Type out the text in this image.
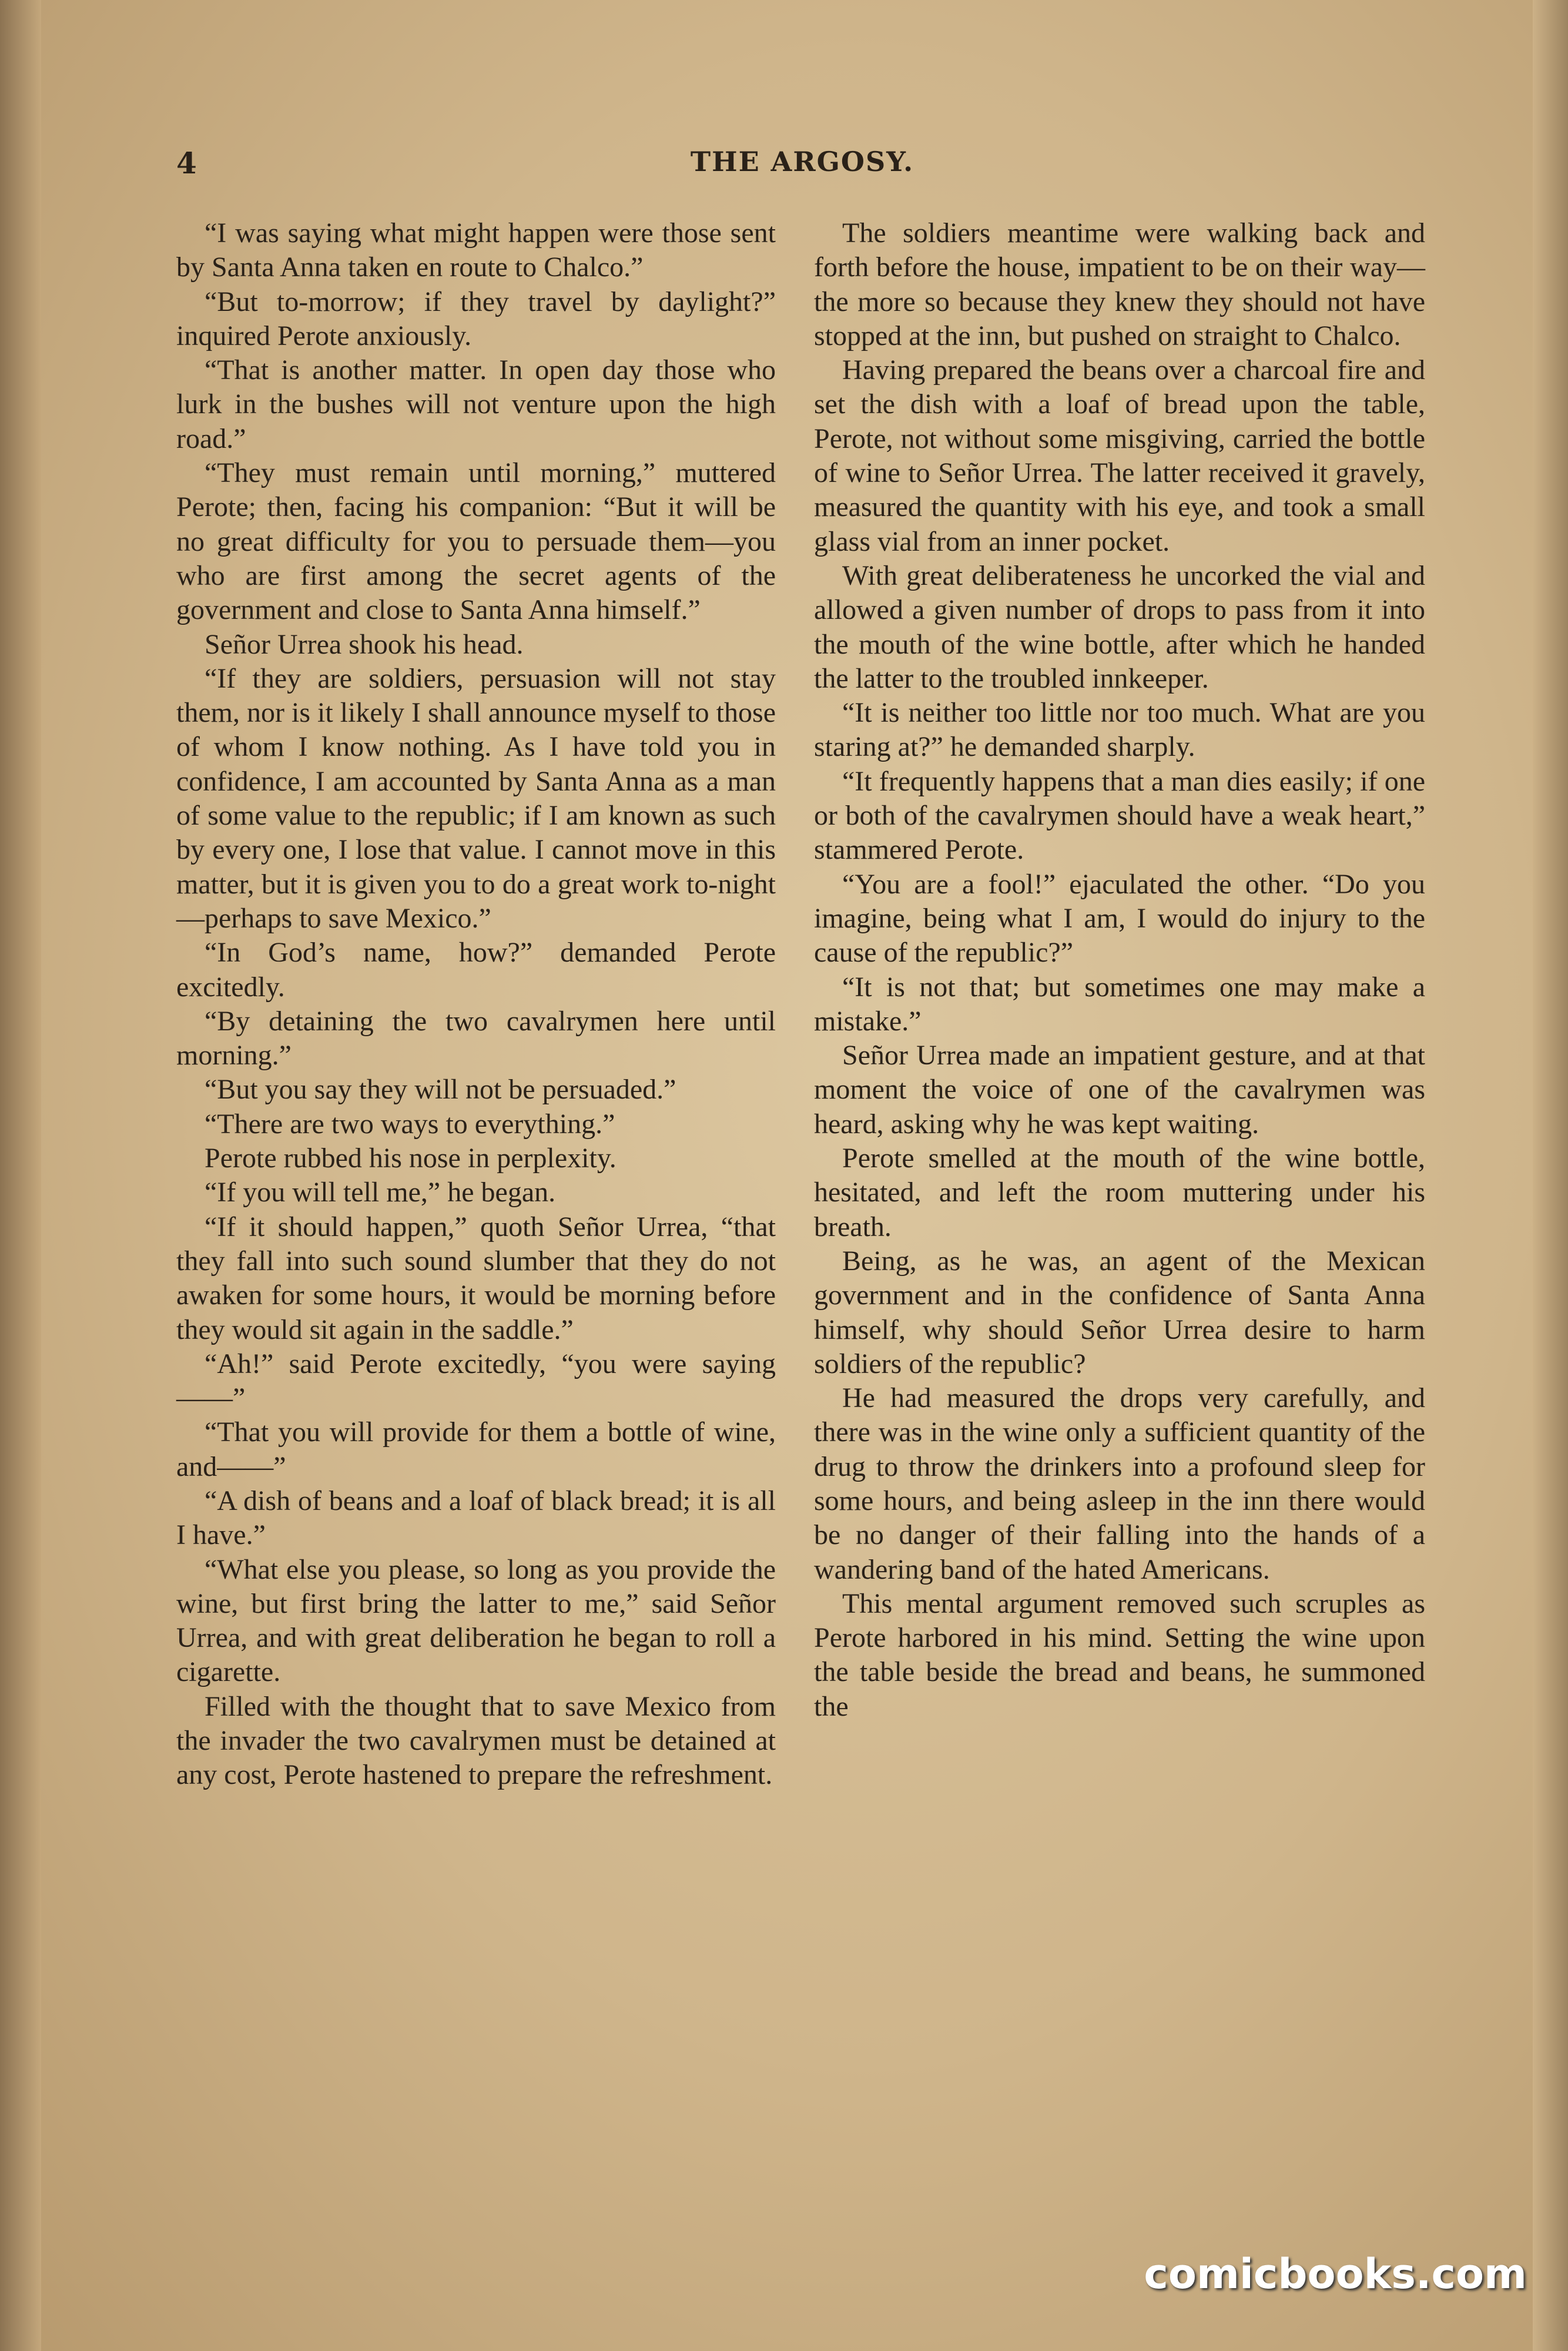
4	THE ARGOSY.

“I was saying what might happen were those sent by Santa Anna taken en route to Chalco.”

“But to-morrow; if they travel by daylight?” inquired Perote anxiously.

“That is another matter. In open day those who lurk in the bushes will not venture upon the high road.”

“They must remain until morning,” muttered Perote; then, facing his companion: “But it will be no great difficulty for you to persuade them—you who are first among the secret agents of the government and close to Santa Anna himself.”

Señor Urrea shook his head.

“If they are soldiers, persuasion will not stay them, nor is it likely I shall announce myself to those of whom I know nothing. As I have told you in confidence, I am accounted by Santa Anna as a man of some value to the republic; if I am known as such by every one, I lose that value. I cannot move in this matter, but it is given you to do a great work to-night—perhaps to save Mexico.”

“In God’s name, how?” demanded Perote excitedly.

“By detaining the two cavalrymen here until morning.”

“But you say they will not be persuaded.”

“There are two ways to everything.”

Perote rubbed his nose in perplexity.

“If you will tell me,” he began.

“If it should happen,” quoth Señor Urrea, “that they fall into such sound slumber that they do not awaken for some hours, it would be morning before they would sit again in the saddle.”

“Ah!” said Perote excitedly, “you were saying——”

“That you will provide for them a bottle of wine, and——”

“A dish of beans and a loaf of black bread; it is all I have.”

“What else you please, so long as you provide the wine, but first bring the latter to me,” said Señor Urrea, and with great deliberation he began to roll a cigarette.

Filled with the thought that to save Mexico from the invader the two cavalrymen must be detained at any cost, Perote hastened to prepare the refreshment.

The soldiers meantime were walking back and forth before the house, impatient to be on their way—the more so because they knew they should not have stopped at the inn, but pushed on straight to Chalco.

Having prepared the beans over a charcoal fire and set the dish with a loaf of bread upon the table, Perote, not without some misgiving, carried the bottle of wine to Señor Urrea. The latter received it gravely, measured the quantity with his eye, and took a small glass vial from an inner pocket.

With great deliberateness he uncorked the vial and allowed a given number of drops to pass from it into the mouth of the wine bottle, after which he handed the latter to the troubled innkeeper.

“It is neither too little nor too much. What are you staring at?” he demanded sharply.

“It frequently happens that a man dies easily; if one or both of the cavalrymen should have a weak heart,” stammered Perote.

“You are a fool!” ejaculated the other. “Do you imagine, being what I am, I would do injury to the cause of the republic?”

“It is not that; but sometimes one may make a mistake.”

Señor Urrea made an impatient gesture, and at that moment the voice of one of the cavalrymen was heard, asking why he was kept waiting.

Perote smelled at the mouth of the wine bottle, hesitated, and left the room muttering under his breath.

Being, as he was, an agent of the Mexican government and in the confidence of Santa Anna himself, why should Señor Urrea desire to harm soldiers of the republic?

He had measured the drops very carefully, and there was in the wine only a sufficient quantity of the drug to throw the drinkers into a profound sleep for some hours, and being asleep in the inn there would be no danger of their falling into the hands of a wandering band of the hated Americans.

This mental argument removed such scruples as Perote harbored in his mind. Setting the wine upon the table beside the bread and beans, he summoned the

comicbooks.com
